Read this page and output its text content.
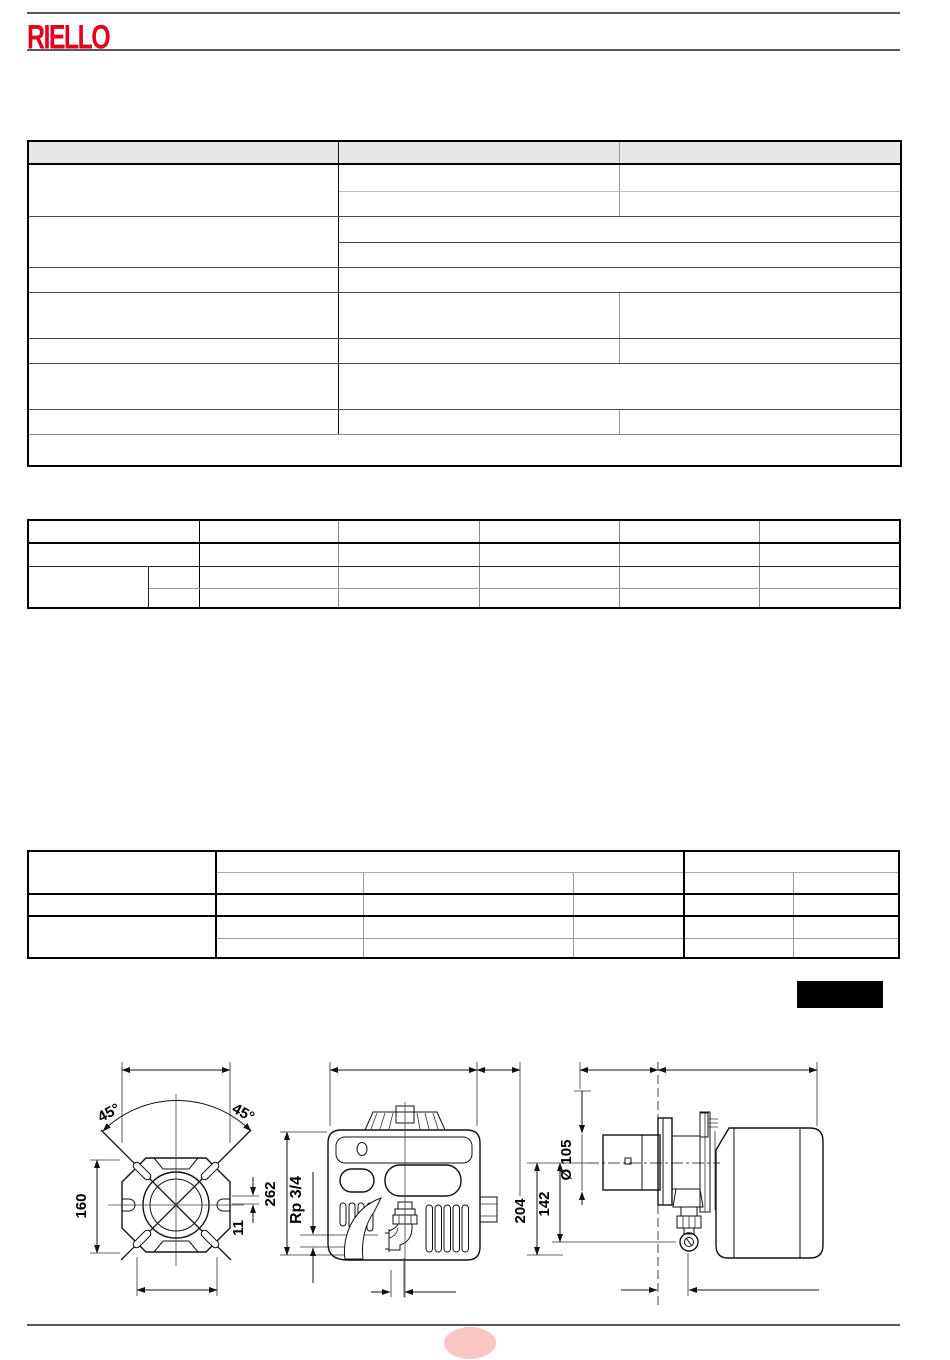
RIELLO

45°	45°
160
11
262 Rp 3/4	204 142
Ø 105
